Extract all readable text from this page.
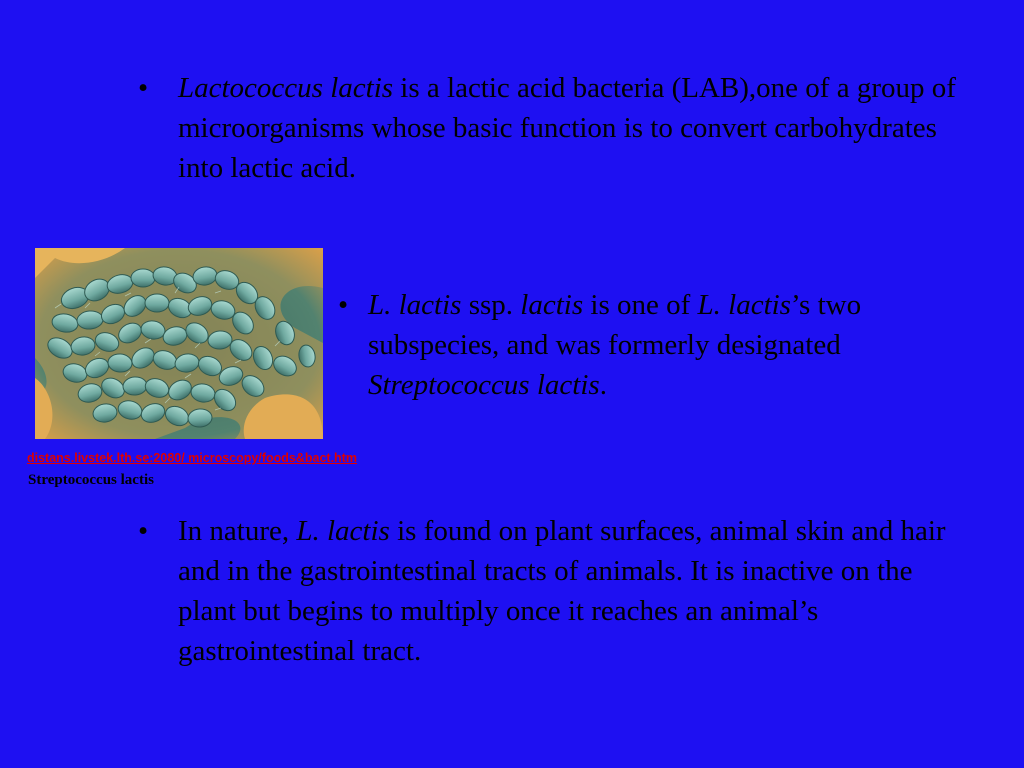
•	Lactococcus lactis is a lactic acid bacteria (LAB),one of a group of microorganisms whose basic function is to convert carbohydrates into lactic acid.
• L. lactis ssp. lactis is one of L. lactis’s two subspecies, and was formerly designated Streptococcus lactis.
distans.livstek.lth.se:2080/ microscopy/foods&bact.htm
Streptococcus lactis
•	In nature, L. lactis is found on plant surfaces, animal skin and hair and in the gastrointestinal tracts of animals. It is inactive on the plant but begins to multiply once it reaches an animal’s gastrointestinal tract.
